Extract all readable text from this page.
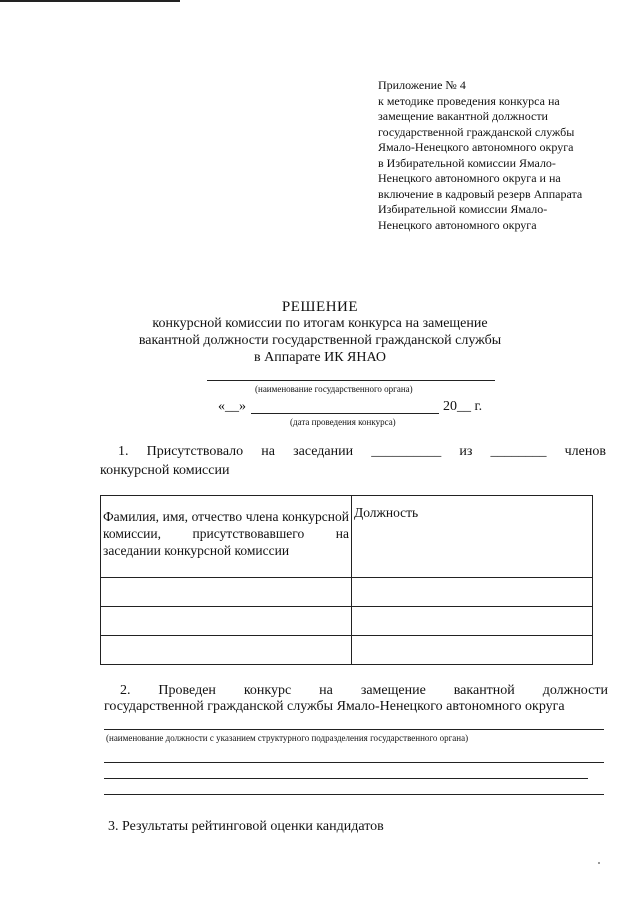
Приложение № 4
к методике проведения конкурса на
замещение вакантной должности
государственной гражданской службы
Ямало-Ненецкого автономного округа
в Избирательной комиссии Ямало-
Ненецкого автономного округа и на
включение в кадровый резерв Аппарата
Избирательной комиссии Ямало-
Ненецкого автономного округа
РЕШЕНИЕ
конкурсной комиссии по итогам конкурса на замещение
вакантной должности государственной гражданской службы
в Аппарате ИК ЯНАО
(наименование государственного органа)
«__»	20__ г.
(дата проведения конкурса)
1. Присутствовало на заседании __________ из ________ членов
конкурсной комиссии
Фамилия, имя, отчество члена конкурсной комиссии, присутствовавшего на заседании конкурсной комиссии	Должность

2. Проведен конкурс на замещение вакантной должности
государственной гражданской службы Ямало-Ненецкого автономного округа
(наименование должности с указанием структурного подразделения государственного органа)
3. Результаты рейтинговой оценки кандидатов
